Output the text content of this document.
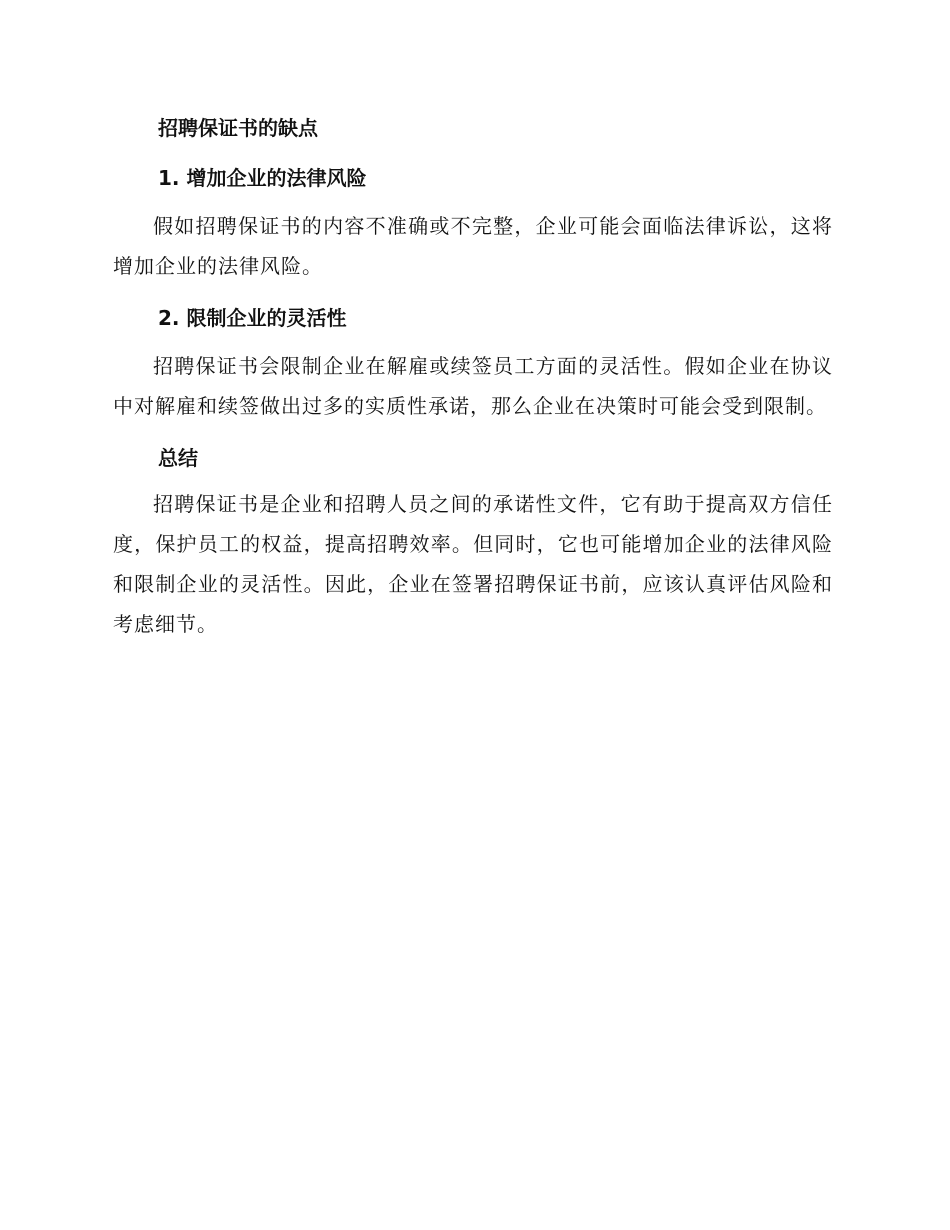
招聘保证书的缺点
1. 增加企业的法律风险

假如招聘保证书的内容不准确或不完整，企业可能会面临法律诉讼，这将增加企业的法律风险。

2. 限制企业的灵活性

招聘保证书会限制企业在解雇或续签员工方面的灵活性。假如企业在协议中对解雇和续签做出过多的实质性承诺，那么企业在决策时可能会受到限制。

总结

招聘保证书是企业和招聘人员之间的承诺性文件，它有助于提高双方信任度，保护员工的权益，提高招聘效率。但同时，它也可能增加企业的法律风险和限制企业的灵活性。因此，企业在签署招聘保证书前，应该认真评估风险和考虑细节。
